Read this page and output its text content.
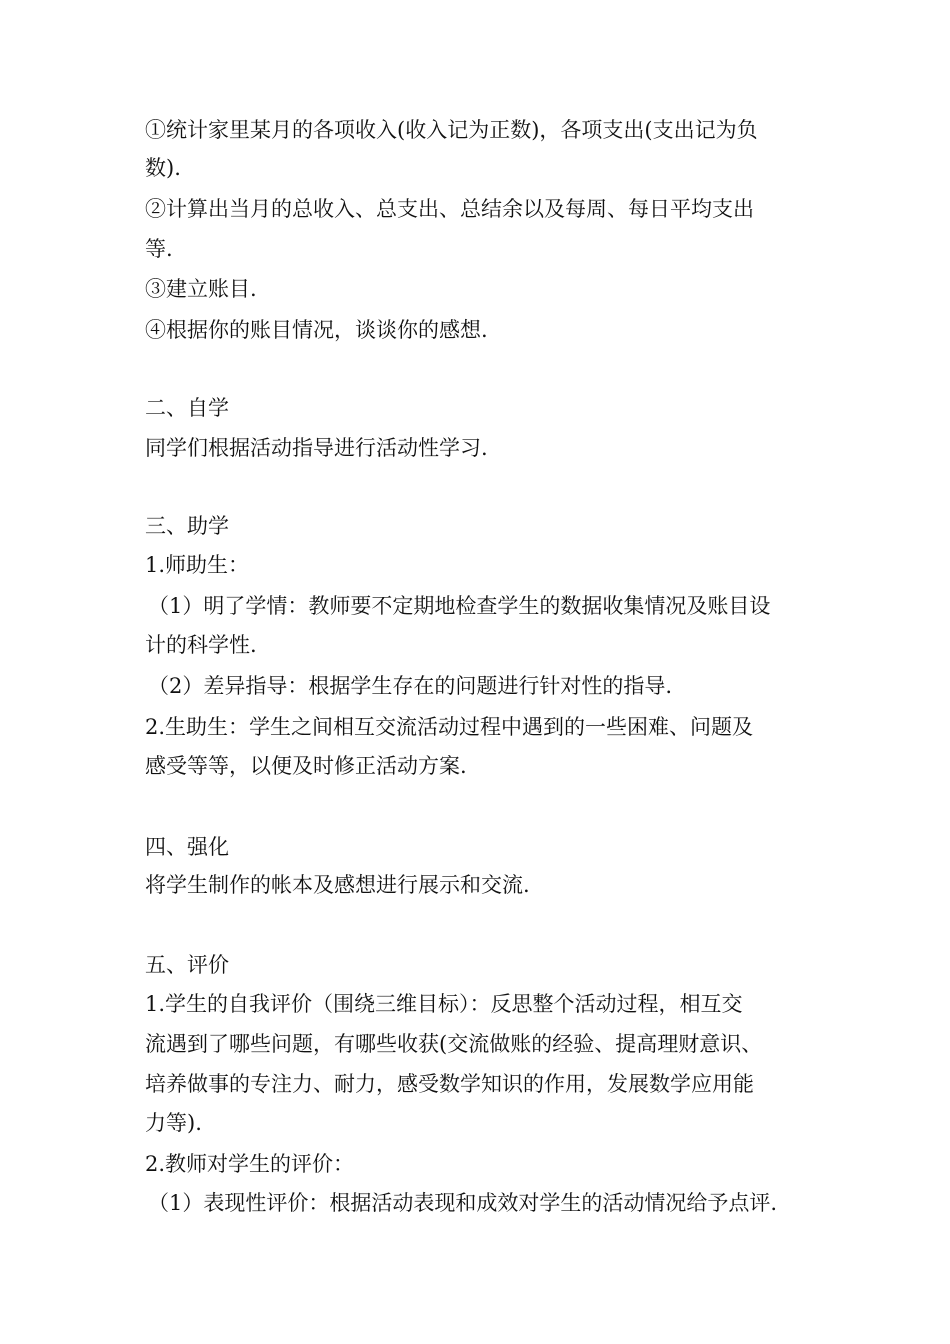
①统计家里某月的各项收入(收入记为正数)，各项支出(支出记为负
数).
②计算出当月的总收入、总支出、总结余以及每周、每日平均支出
等.
③建立账目.
④根据你的账目情况，谈谈你的感想.
二、自学
同学们根据活动指导进行活动性学习.
三、助学
1.师助生：
（1）明了学情：教师要不定期地检查学生的数据收集情况及账目设
计的科学性.
（2）差异指导：根据学生存在的问题进行针对性的指导.
2.生助生：学生之间相互交流活动过程中遇到的一些困难、问题及
感受等等，以便及时修正活动方案.
四、强化
将学生制作的帐本及感想进行展示和交流.
五、评价
1.学生的自我评价（围绕三维目标）：反思整个活动过程，相互交
流遇到了哪些问题，有哪些收获(交流做账的经验、提高理财意识、
培养做事的专注力、耐力，感受数学知识的作用，发展数学应用能
力等).
2.教师对学生的评价：
（1）表现性评价：根据活动表现和成效对学生的活动情况给予点评.
